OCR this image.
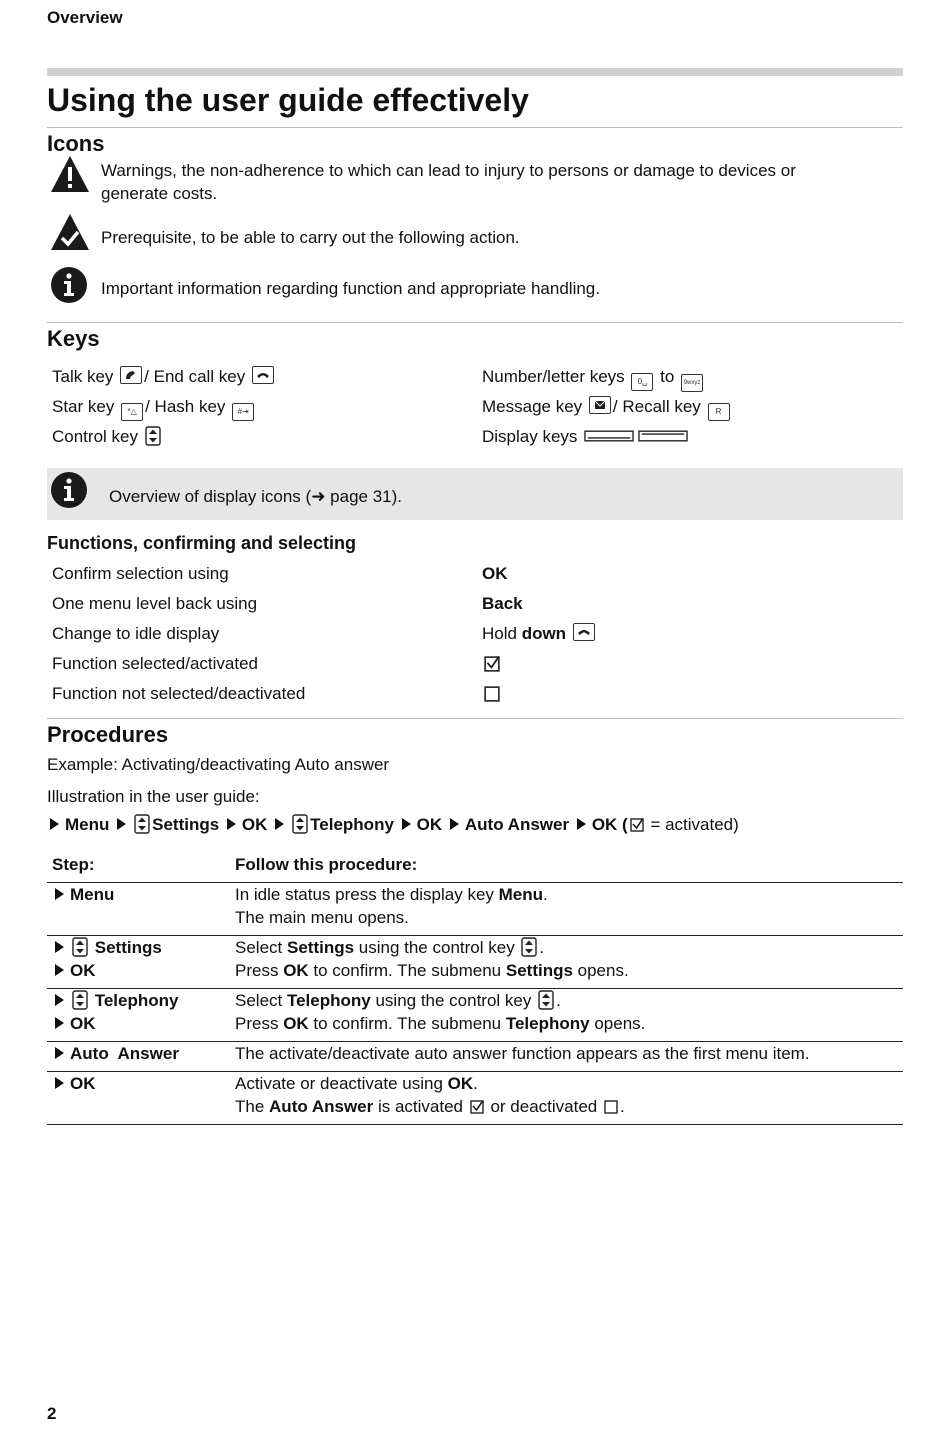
Overview
Using the user guide effectively
Icons
Warnings, the non-adherence to which can lead to injury to persons or damage to devices or
generate costs.
Prerequisite, to be able to carry out the following action.
Important information regarding function and appropriate handling.
Keys
Talk key / End call key	Number/letter keys 0␣ to 9wxyz
Star key *△ / Hash key #⇥	Message key / Recall key R
Control key	Display keys
Overview of display icons (➜ page 31).
Functions, confirming and selecting
Confirm selection using	OK
One menu level back using	Back
Change to idle display	Hold down
Function selected/activated
Function not selected/deactivated
Procedures
Example: Activating/deactivating Auto answer
Illustration in the user guide:
Menu	Settings OK	Telephony OK Auto Answer OK ( = activated)
Step:	Follow this procedure:
Menu	In idle status press the display key Menu.
The main menu opens.
Settings
OK
Select Settings using the control key .
Press OK to confirm. The submenu Settings opens.
Telephony
OK
Select Telephony using the control key .
Press OK to confirm. The submenu Telephony opens.
Auto  Answer	The activate/deactivate auto answer function appears as the first menu item.
OK	Activate or deactivate using OK.
The Auto Answer is activated  or deactivated .
2
